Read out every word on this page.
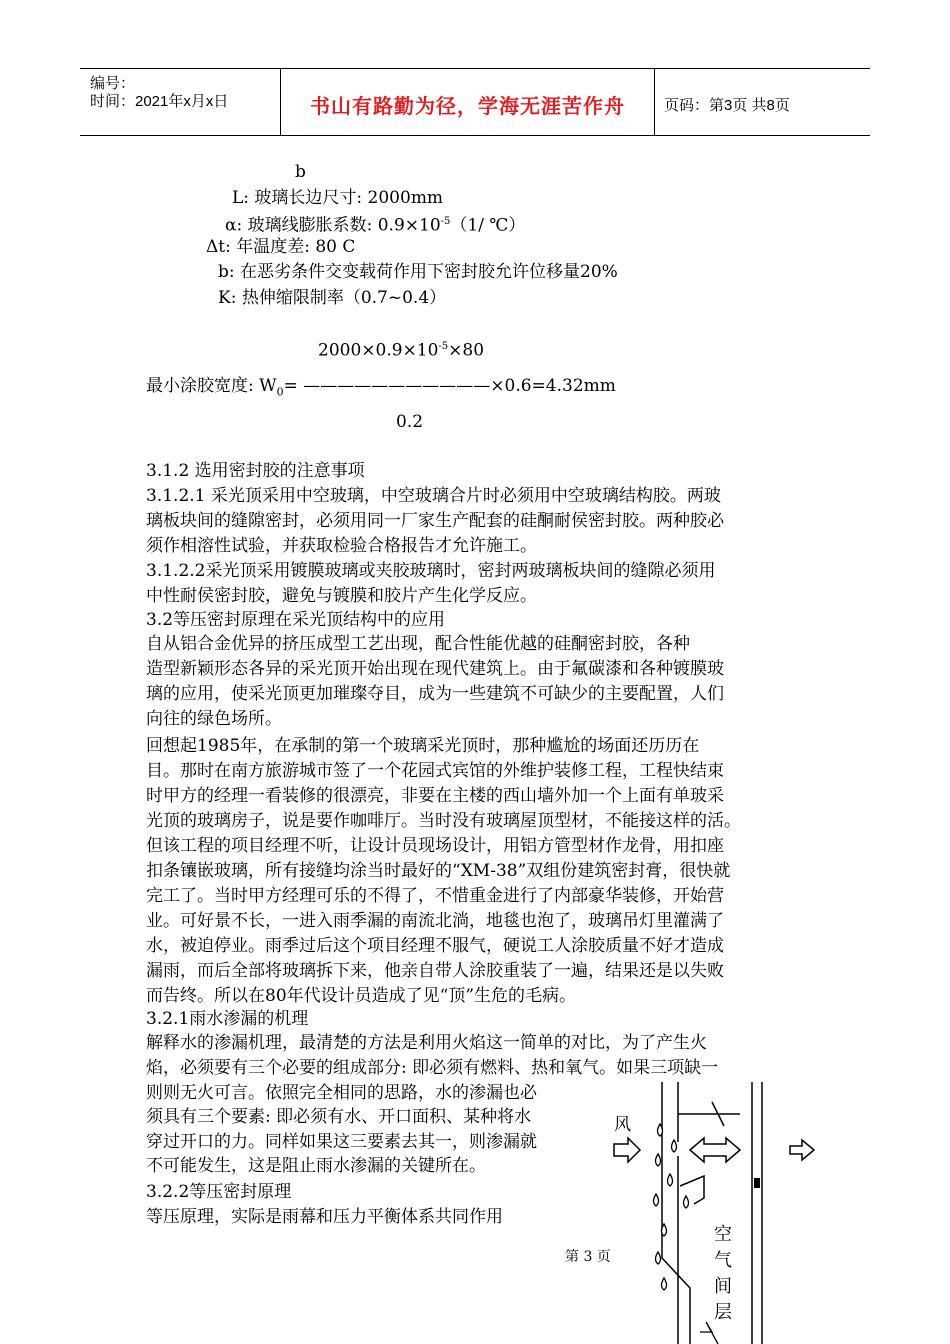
编号：
时间：2021年x月x日	书山有路勤为径，学海无涯苦作舟	页码：第3页 共8页
b
L: 玻璃长边尺寸: 2000mm
α: 玻璃线膨胀系数: $0.9\times 10^{-5}(1/$ ℃）
Δt: 年温度差: 80 C
b: 在恶劣条件交变载荷作用下密封胶允许位移量20%
K: 热伸缩限制率（0.7~0.4）
$2000\times 0.9\times 10^{-5}\times 80$
最小涂胶宽度: $W_0=$ ———————————×0.6=4.32mm
0.2
3.1.2 选用密封胶的注意事项
3.1.2.1 采光顶采用中空玻璃，中空玻璃合片时必须用中空玻璃结构胶。两玻
璃板块间的缝隙密封，必须用同一厂家生产配套的硅酮耐侯密封胶。两种胶必
须作相溶性试验，并获取检验合格报告才允许施工。
3.1.2.2采光顶采用镀膜玻璃或夹胶玻璃时，密封两玻璃板块间的缝隙必须用
中性耐侯密封胶，避免与镀膜和胶片产生化学反应。
3.2等压密封原理在采光顶结构中的应用
自从铝合金优异的挤压成型工艺出现，配合性能优越的硅酮密封胶，各种
造型新颖形态各异的采光顶开始出现在现代建筑上。由于氟碳漆和各种镀膜玻
璃的应用，使采光顶更加璀璨夺目，成为一些建筑不可缺少的主要配置，人们
向往的绿色场所。
回想起1985年，在承制的第一个玻璃采光顶时，那种尴尬的场面还历历在
目。那时在南方旅游城市签了一个花园式宾馆的外维护装修工程，工程快结束
时甲方的经理一看装修的很漂亮，非要在主楼的西山墙外加一个上面有单玻采
光顶的玻璃房子，说是要作咖啡厅。当时没有玻璃屋顶型材，不能接这样的活。
但该工程的项目经理不听，让设计员现场设计，用铝方管型材作龙骨，用扣座
扣条镶嵌玻璃，所有接缝均涂当时最好的“XM-38”双组份建筑密封膏，很快就
完工了。当时甲方经理可乐的不得了，不惜重金进行了内部豪华装修，开始营
业。可好景不长，一进入雨季漏的南流北淌，地毯也泡了，玻璃吊灯里灌满了
水，被迫停业。雨季过后这个项目经理不服气，硬说工人涂胶质量不好才造成
漏雨，而后全部将玻璃拆下来，他亲自带人涂胶重装了一遍，结果还是以失败
而告终。所以在80年代设计员造成了见“顶”生危的毛病。
3.2.1雨水渗漏的机理
解释水的渗漏机理，最清楚的方法是利用火焰这一简单的对比，为了产生火
焰，必须要有三个必要的组成部分: 即必须有燃料、热和氧气。如果三项缺一
则则无火可言。依照完全相同的思路，水的渗漏也必
须具有三个要素: 即必须有水、开口面积、某种将水
穿过开口的力。同样如果这三要素去其一，则渗漏就
不可能发生，这是阻止雨水渗漏的关键所在。
3.2.2等压密封原理
等压原理，实际是雨幕和压力平衡体系共同作用
第 3 页
风
空
气
间
层
